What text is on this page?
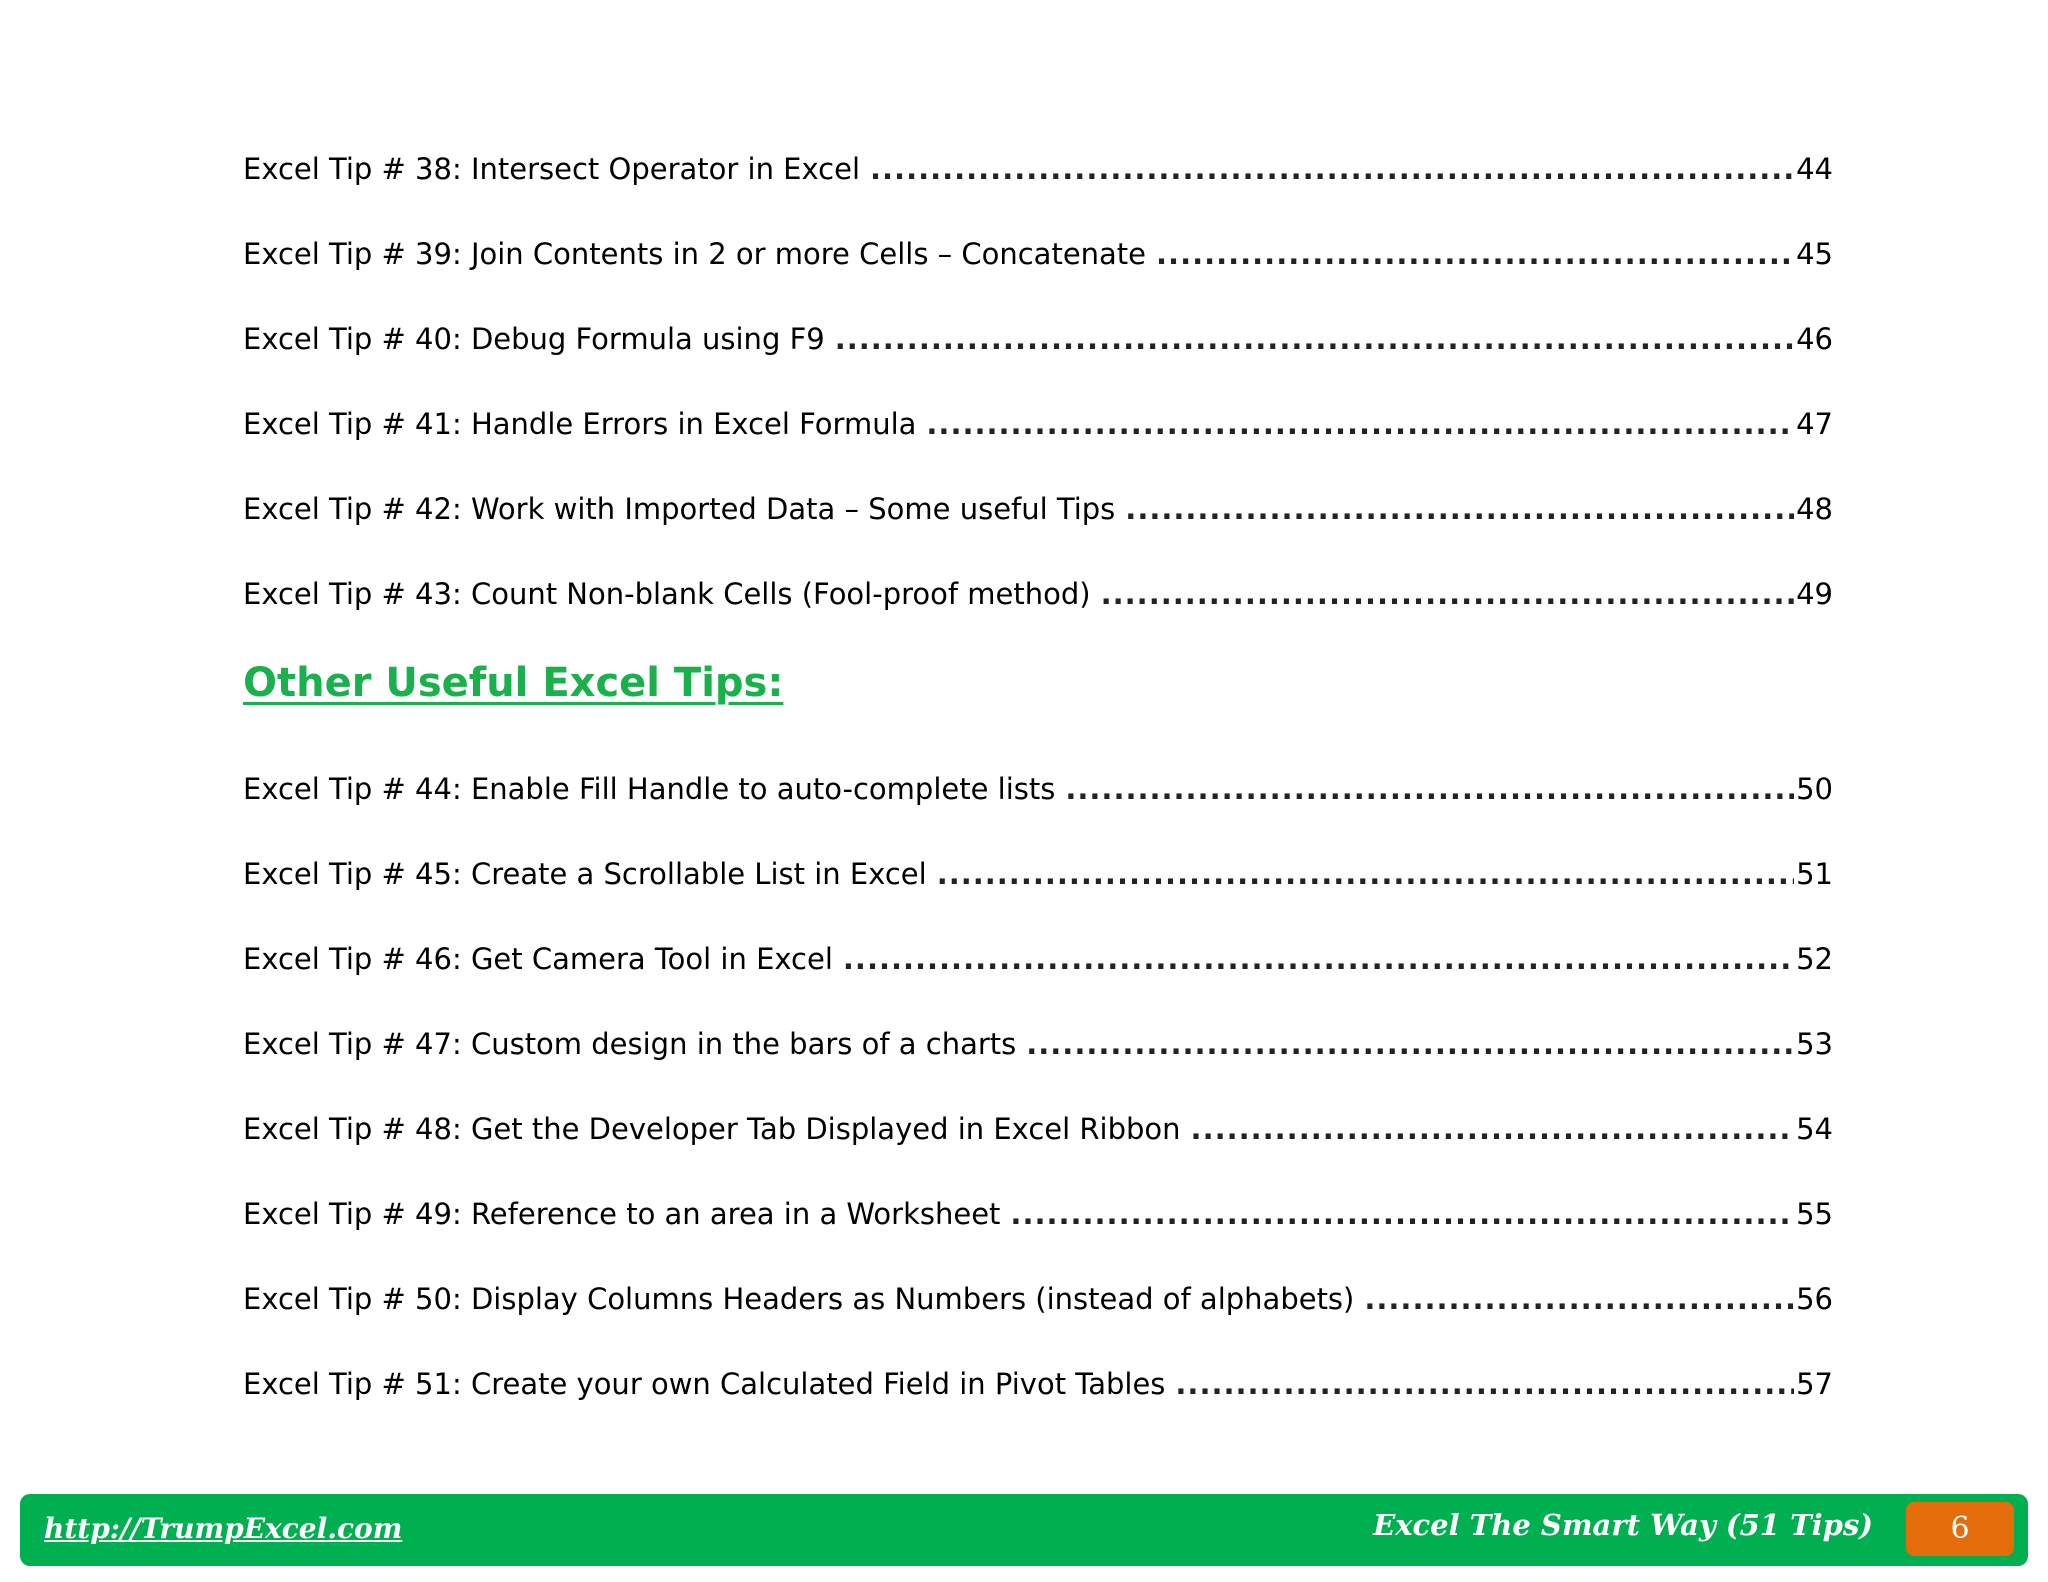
Excel Tip # 38: Intersect Operator in Excel .....	44
Excel Tip # 39: Join Contents in 2 or more Cells – Concatenate .....	45
Excel Tip # 40: Debug Formula using F9 .....	46
Excel Tip # 41: Handle Errors in Excel Formula .....	47
Excel Tip # 42: Work with Imported Data – Some useful Tips .....	48
Excel Tip # 43: Count Non-blank Cells (Fool-proof method) .....	49
Excel Tip # 44: Enable Fill Handle to auto-complete lists .....	50
Excel Tip # 45: Create a Scrollable List in Excel .....	51
Excel Tip # 46: Get Camera Tool in Excel .....	52
Excel Tip # 47: Custom design in the bars of a charts .....	53
Excel Tip # 48: Get the Developer Tab Displayed in Excel Ribbon .....	54
Excel Tip # 49: Reference to an area in a Worksheet .....	55
Excel Tip # 50: Display Columns Headers as Numbers (instead of alphabets) .....	56
Excel Tip # 51: Create your own Calculated Field in Pivot Tables .....	57
Other Useful Excel Tips:
http://TrumpExcel.com	Excel The Smart Way (51 Tips)	6
